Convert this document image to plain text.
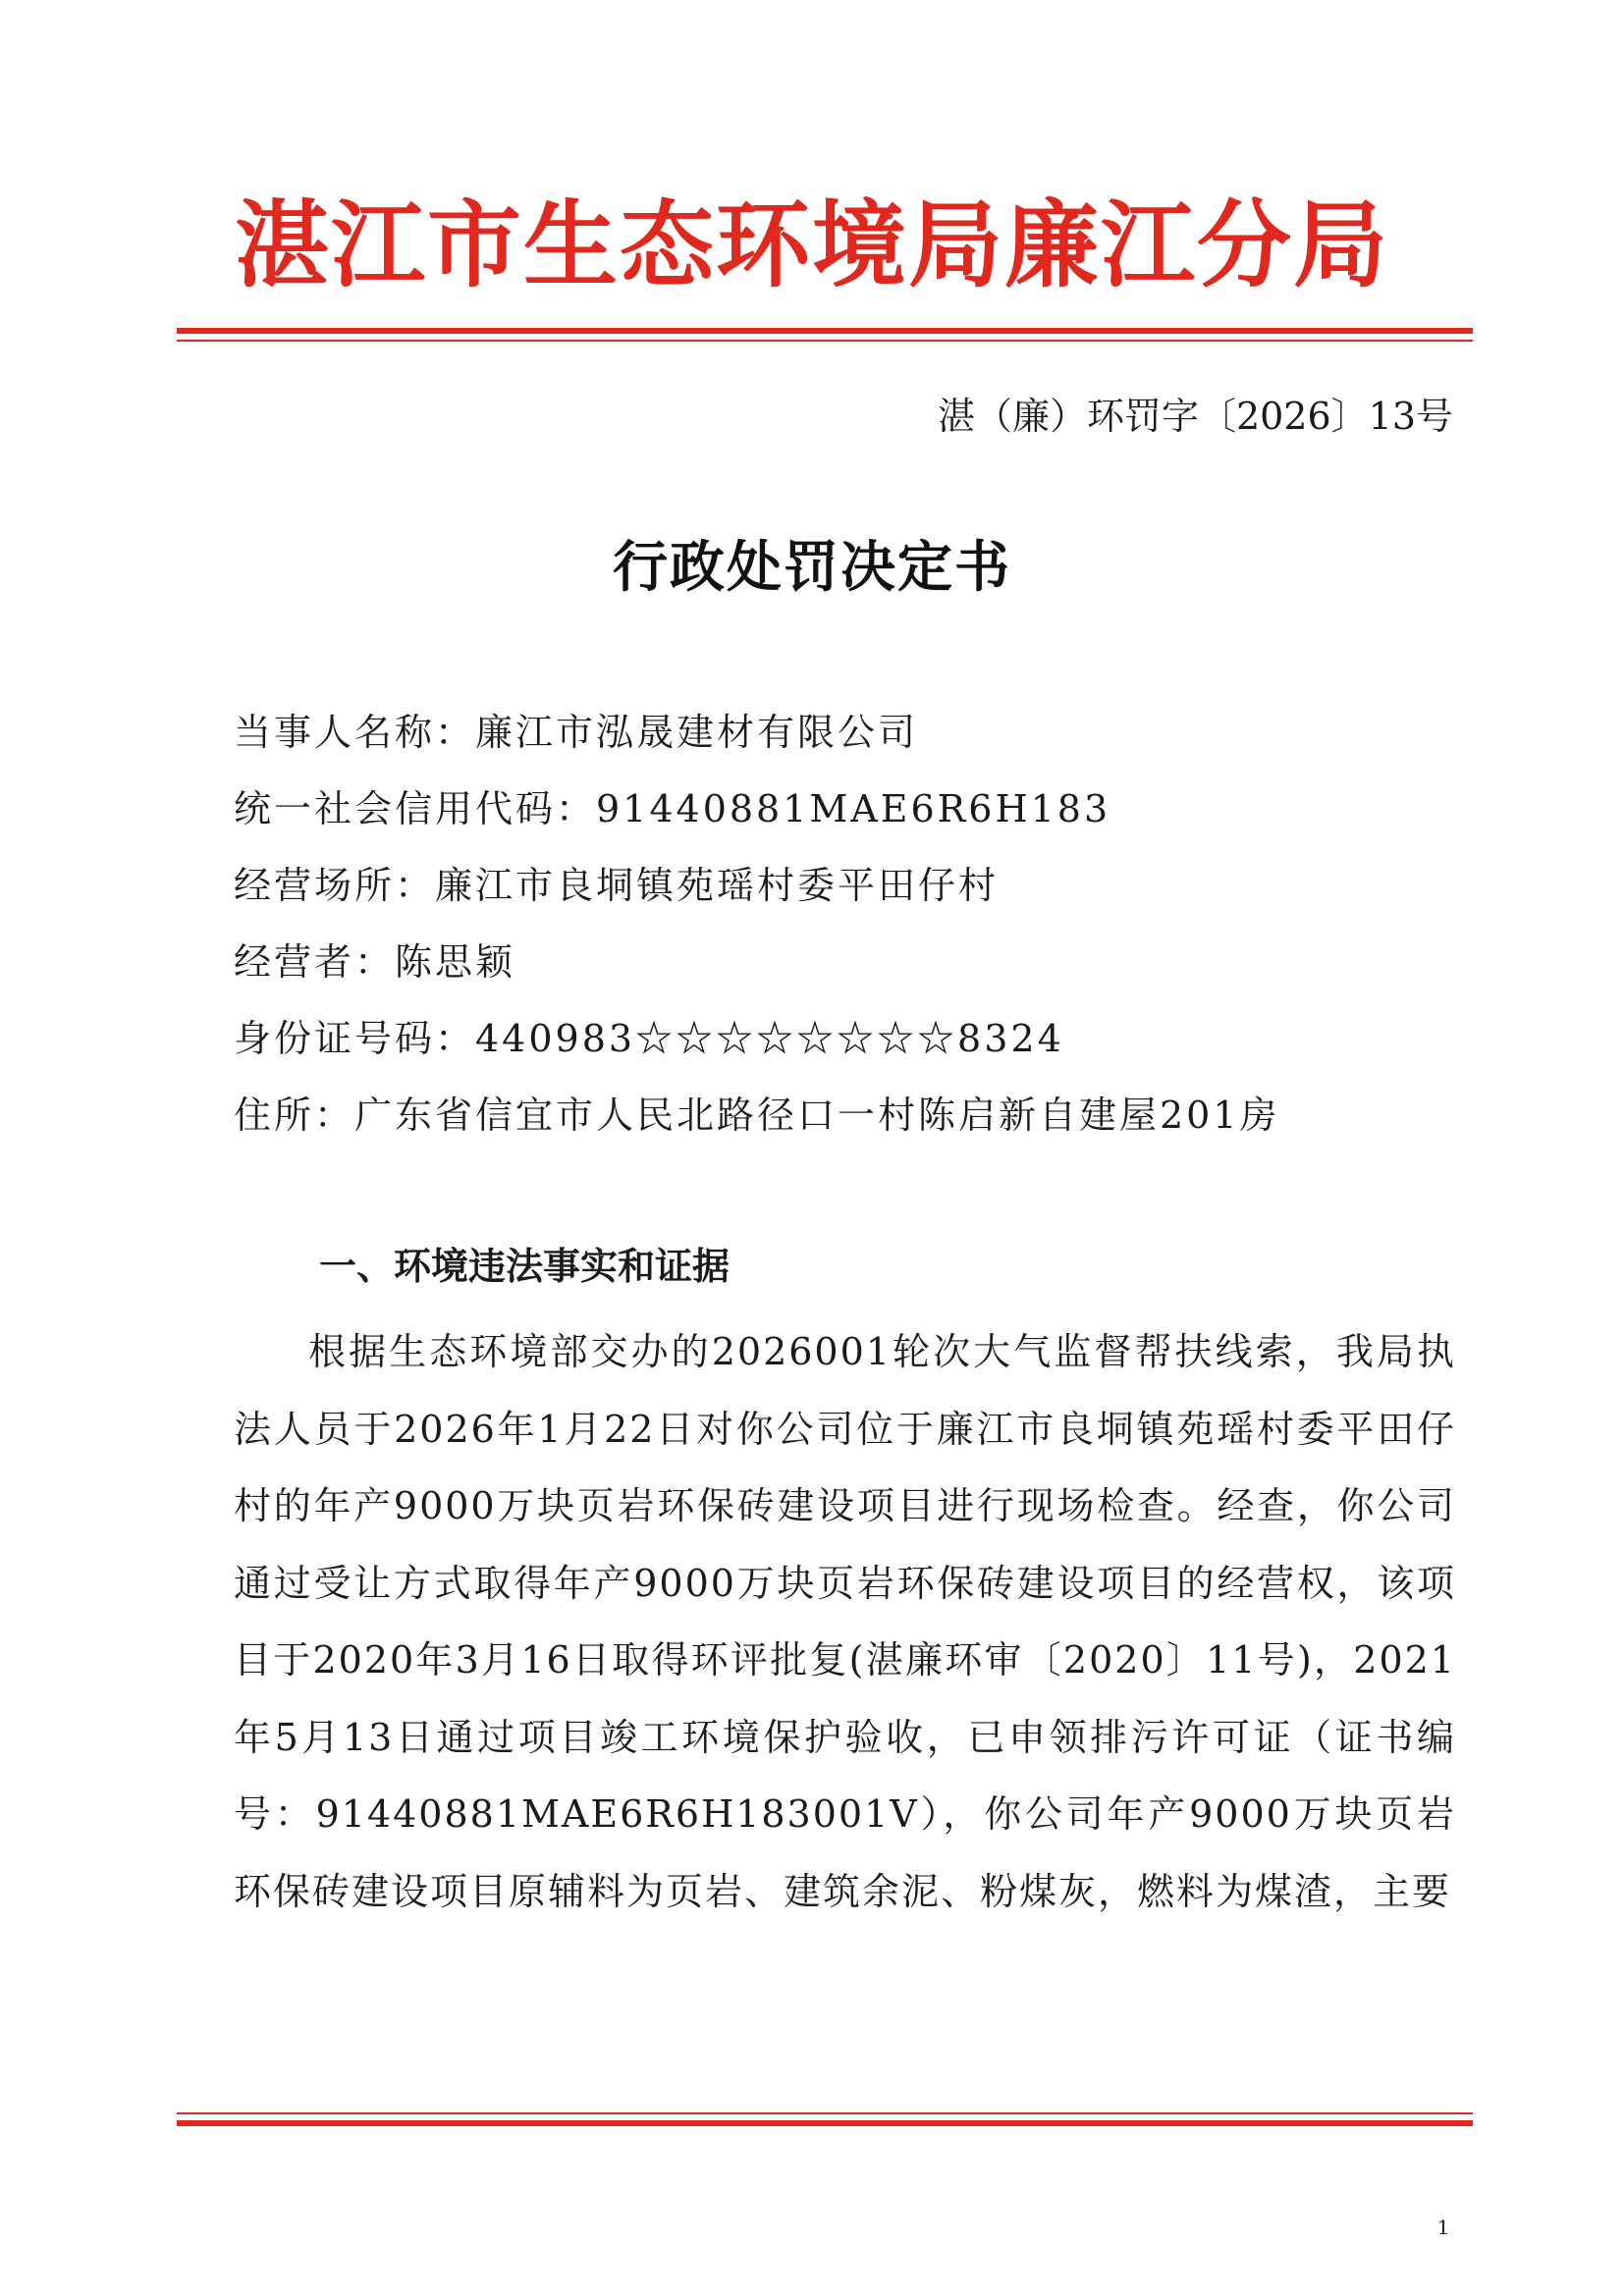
湛江市生态环境局廉江分局
湛（廉）环罚字〔2026〕13号
行政处罚决定书
当事人名称：廉江市泓晟建材有限公司
统一社会信用代码：91440881MAE6R6H183
经营场所：廉江市良垌镇苑瑶村委平田仔村
经营者：陈思颖
身份证号码：440983☆☆☆☆☆☆☆☆8324
住所：广东省信宜市人民北路径口一村陈启新自建屋201房
一、环境违法事实和证据
根据生态环境部交办的2026001轮次大气监督帮扶线索，我局执法人员于2026年1月22日对你公司位于廉江市良垌镇苑瑶村委平田仔村的年产9000万块页岩环保砖建设项目进行现场检查。经查，你公司通过受让方式取得年产9000万块页岩环保砖建设项目的经营权，该项目于2020年3月16日取得环评批复(湛廉环审〔2020〕11号)，2021年5月13日通过项目竣工环境保护验收，已申领排污许可证（证书编号：91440881MAE6R6H183001V），你公司年产9000万块页岩环保砖建设项目原辅料为页岩、建筑余泥、粉煤灰，燃料为煤渣，主要
1
